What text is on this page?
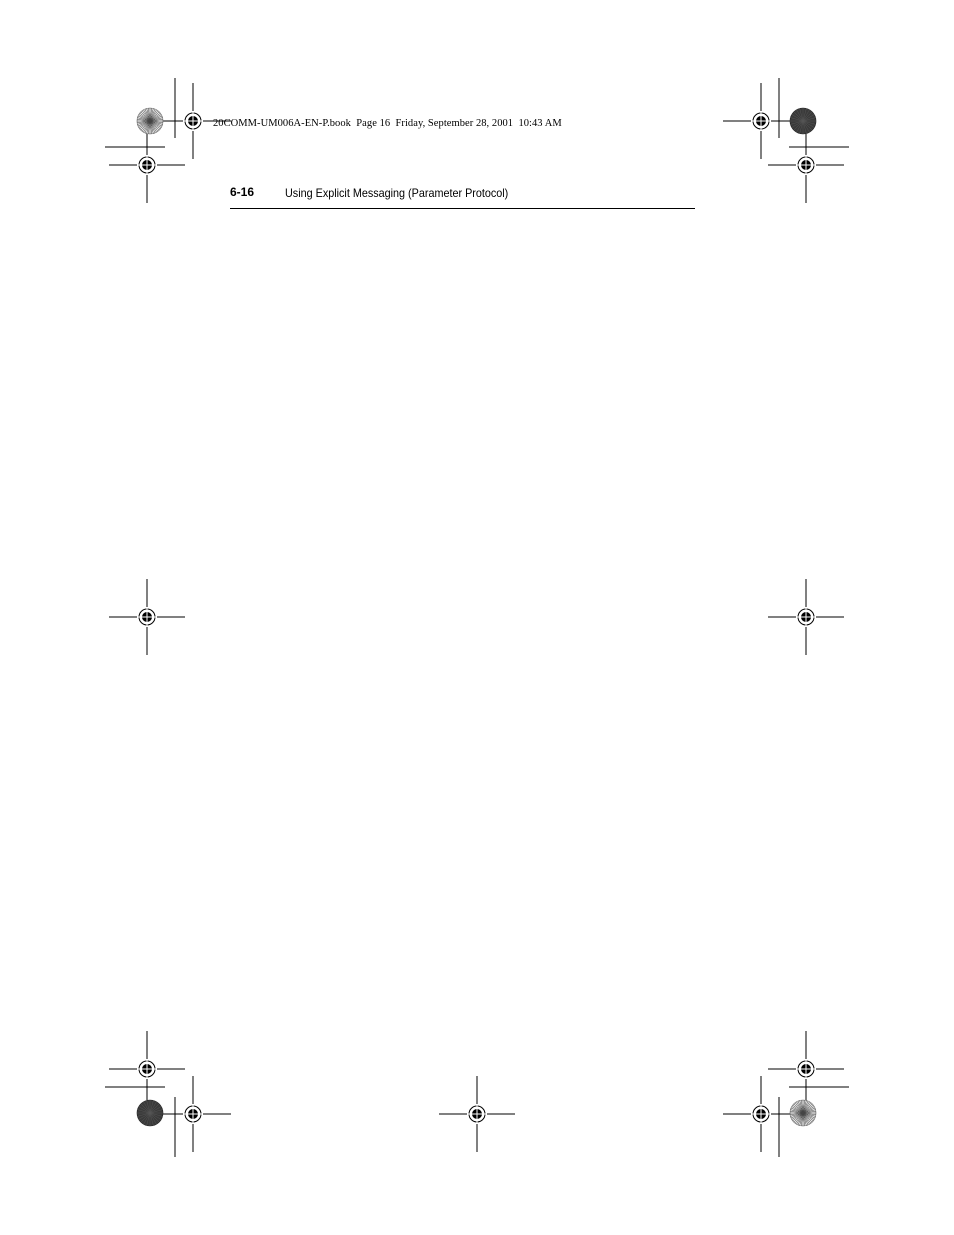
20COMM-UM006A-EN-P.book  Page 16  Friday, September 28, 2001  10:43 AM
6-16	Using Explicit Messaging (Parameter Protocol)
